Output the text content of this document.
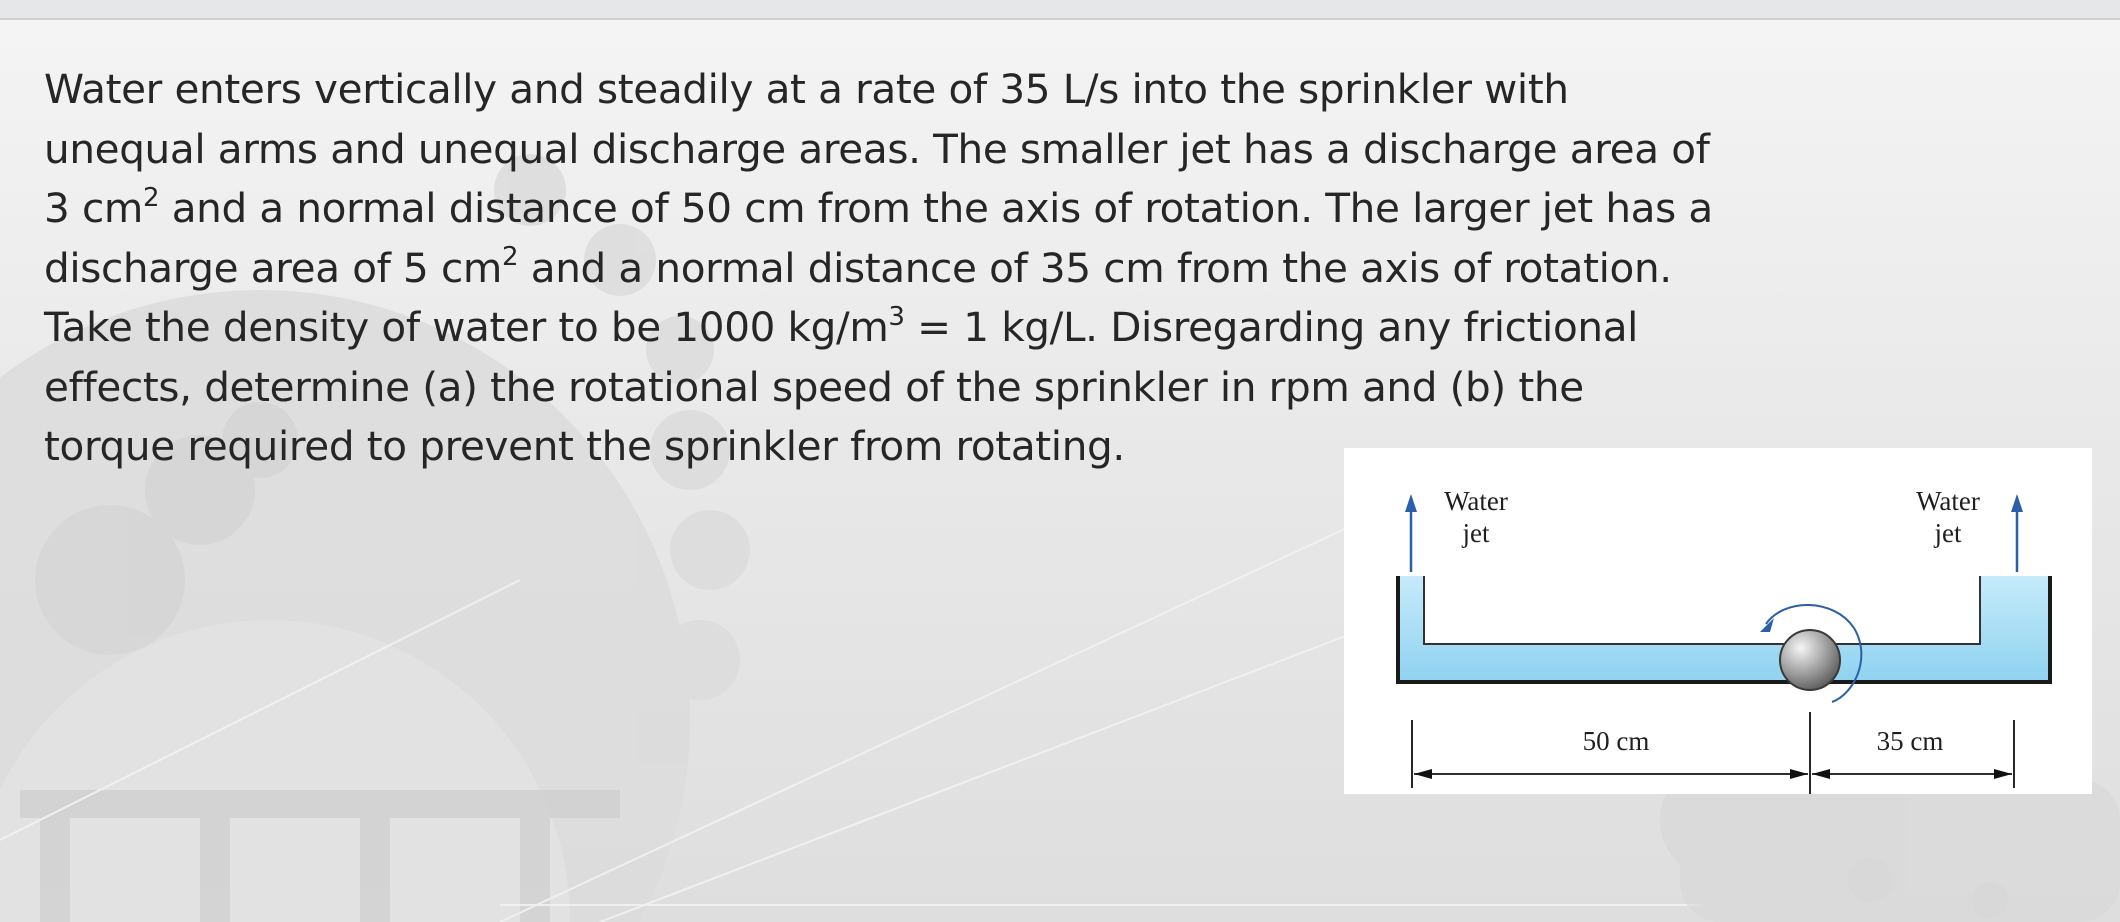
Water enters vertically and steadily at a rate of 35 L/s into the sprinkler with
unequal arms and unequal discharge areas. The smaller jet has a discharge area of
3 $cm^2$ and a normal distance of 50 cm from the axis of rotation. The larger jet has a
discharge area of 5 $cm^2$ and a normal distance of 35 cm from the axis of rotation.
Take the density of water to be 1000 $kg/m^3 = 1$ kg/L. Disregarding any frictional
effects, determine (a) the rotational speed of the sprinkler in rpm and (b) the
torque required to prevent the sprinkler from rotating.

Water
jet
Water
jet
50 cm	35 cm
